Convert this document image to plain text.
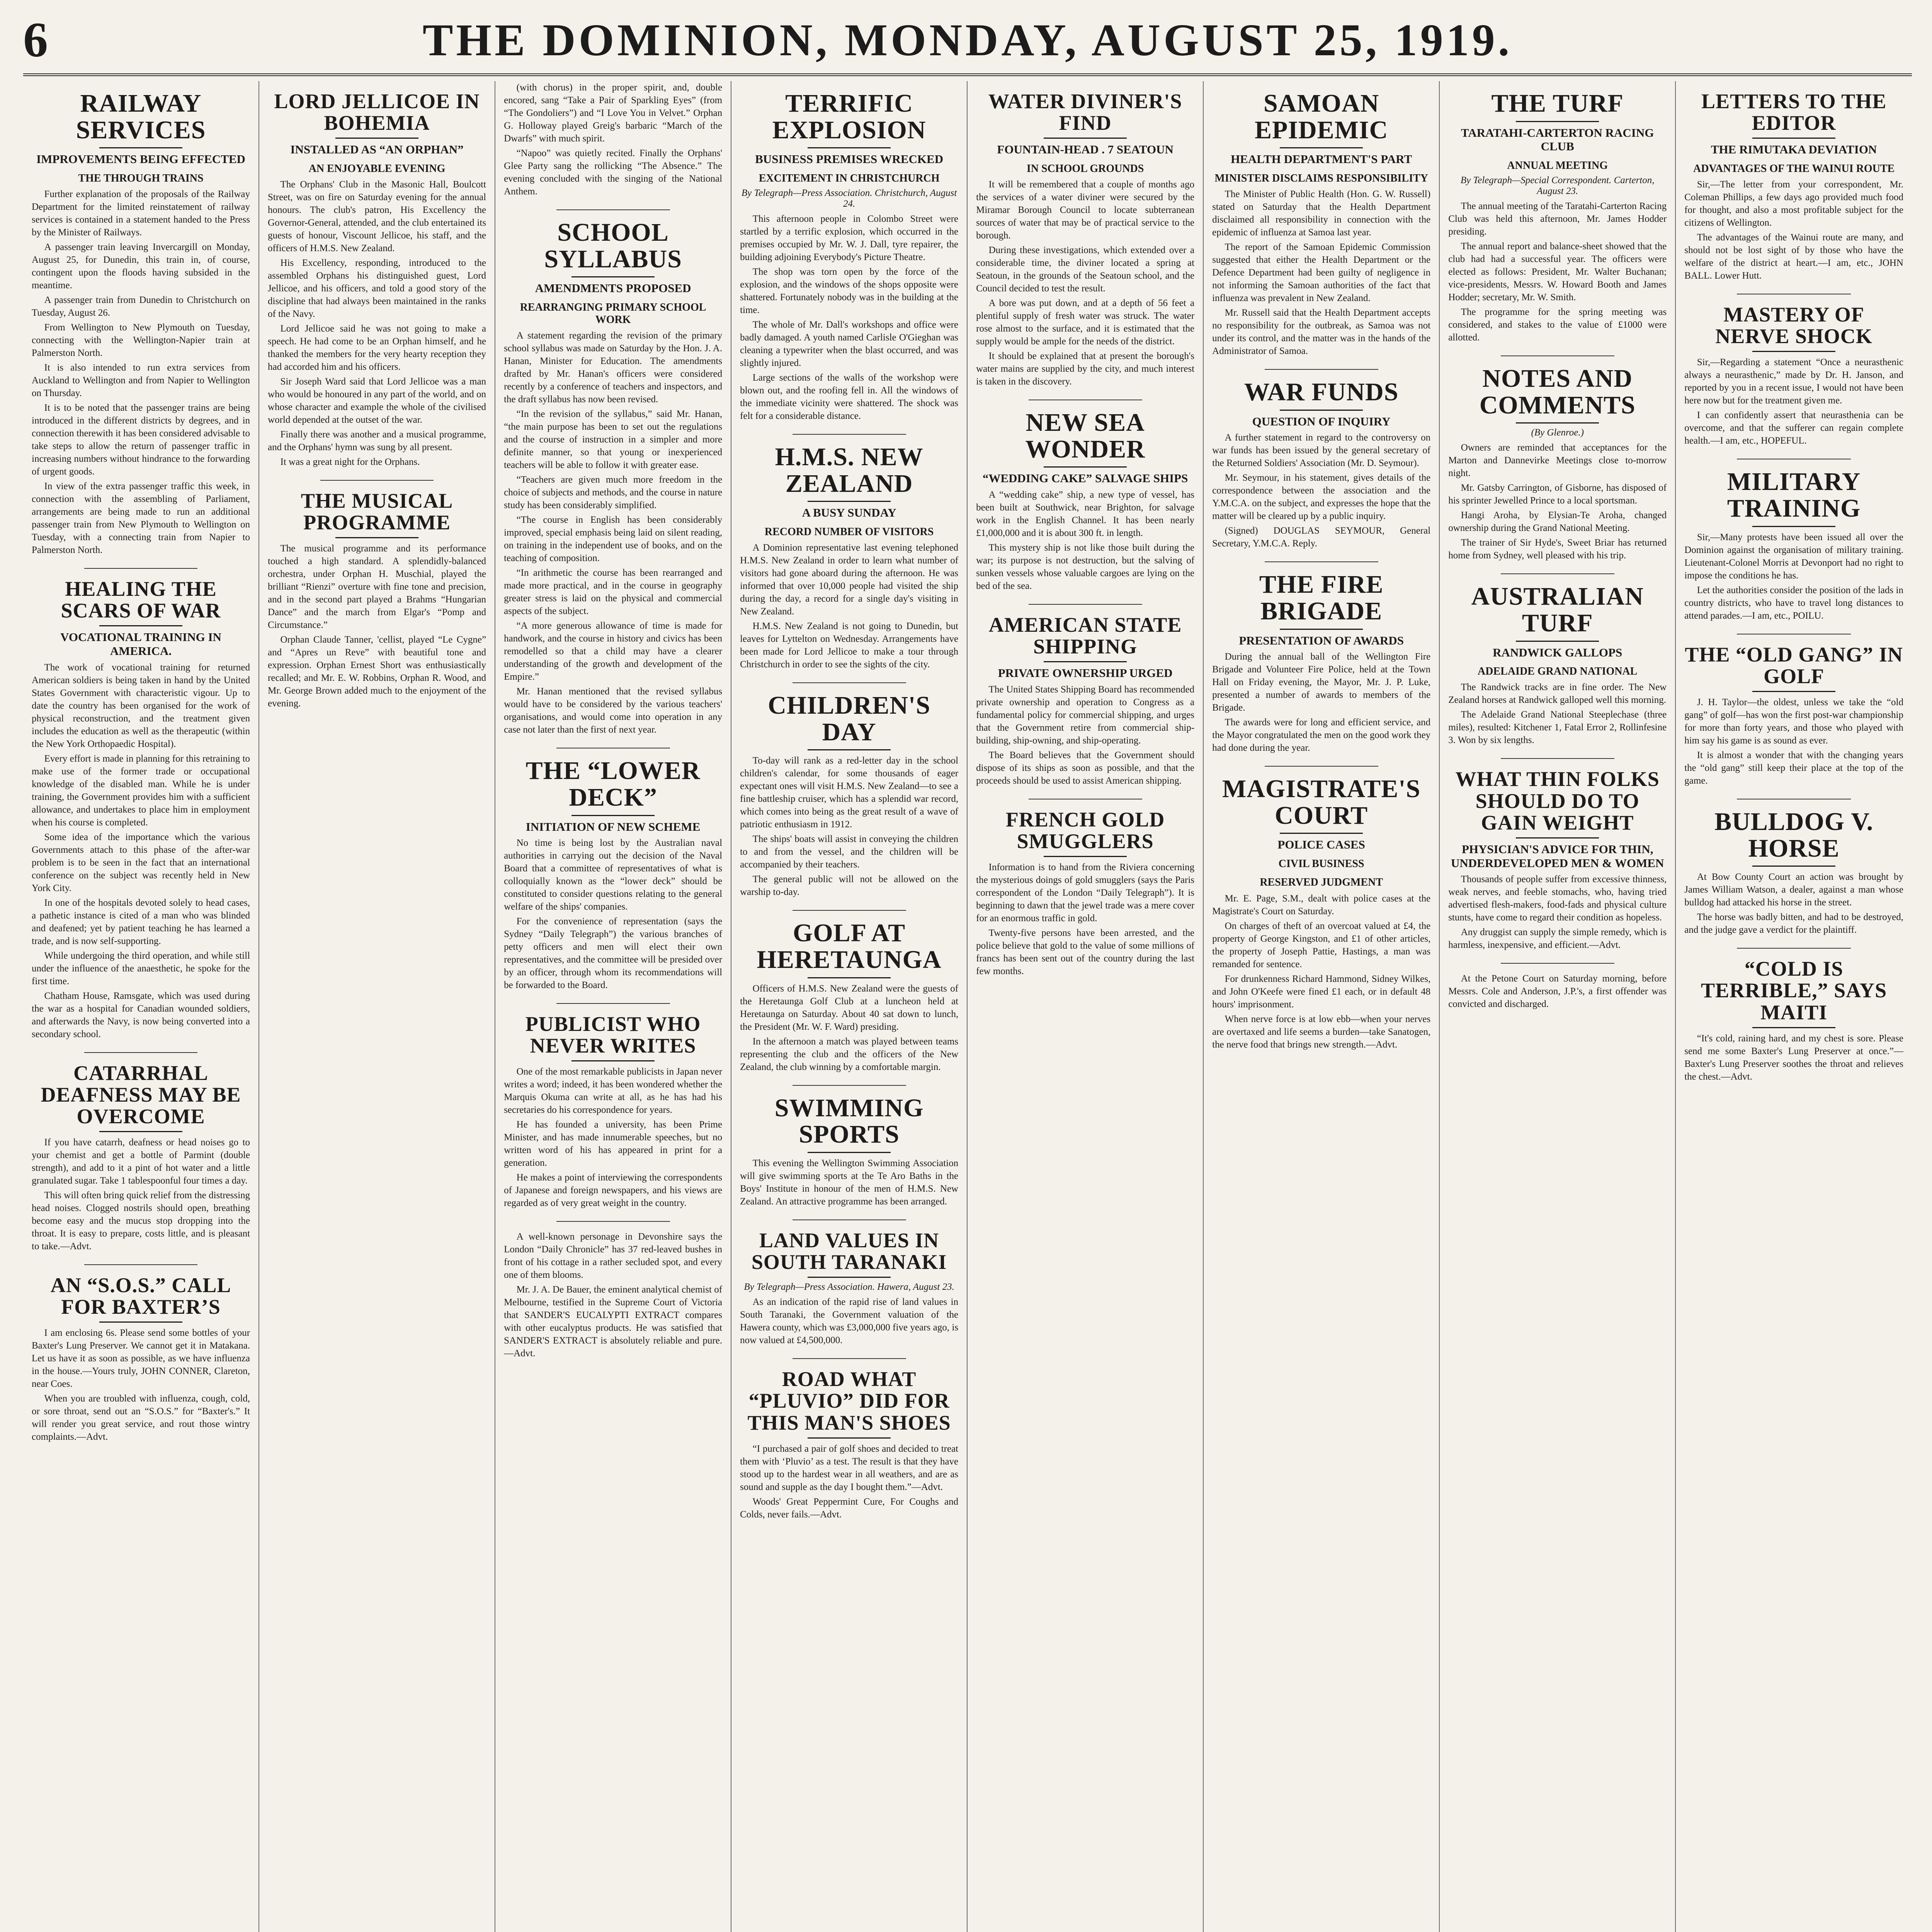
6	THE DOMINION, MONDAY, AUGUST 25, 1919.
RAILWAY SERVICES
IMPROVEMENTS BEING EFFECTED
THE THROUGH TRAINS

Further explanation of the proposals of the Railway Department for the limited reinstatement of railway services is contained in a statement handed to the Press by the Minister of Railways.

A passenger train leaving Invercargill on Monday, August 25, for Dunedin, this train in, of course, contingent upon the floods having subsided in the meantime.

A passenger train from Dunedin to Christchurch on Tuesday, August 26.

From Wellington to New Plymouth on Tuesday, connecting with the Wellington-Napier train at Palmerston North.

It is also intended to run extra services from Auckland to Wellington and from Napier to Wellington on Thursday.

It is to be noted that the passenger trains are being introduced in the different districts by degrees, and in connection therewith it has been considered advisable to take steps to allow the return of passenger traffic in increasing numbers without hindrance to the forwarding of urgent goods.

In view of the extra passenger traffic this week, in connection with the assembling of Parliament, arrangements are being made to run an additional passenger train from New Plymouth to Wellington on Tuesday, with a connecting train from Napier to Palmerston North.

HEALING THE SCARS OF WAR
VOCATIONAL TRAINING IN AMERICA.

The work of vocational training for returned American soldiers is being taken in hand by the United States Government with characteristic vigour. Up to date the country has been organised for the work of physical reconstruction, and the treatment given includes the education as well as the therapeutic (within the New York Orthopaedic Hospital).

Every effort is made in planning for this retraining to make use of the former trade or occupational knowledge of the disabled man. While he is under training, the Government provides him with a sufficient allowance, and undertakes to place him in employment when his course is completed.

Some idea of the importance which the various Governments attach to this phase of the after-war problem is to be seen in the fact that an international conference on the subject was recently held in New York City.

In one of the hospitals devoted solely to head cases, a pathetic instance is cited of a man who was blinded and deafened; yet by patient teaching he has learned a trade, and is now self-supporting.

While undergoing the third operation, and while still under the influence of the anaesthetic, he spoke for the first time.

Chatham House, Ramsgate, which was used during the war as a hospital for Canadian wounded soldiers, and afterwards the Navy, is now being converted into a secondary school.

CATARRHAL DEAFNESS MAY BE OVERCOME

If you have catarrh, deafness or head noises go to your chemist and get a bottle of Parmint (double strength), and add to it a pint of hot water and a little granulated sugar. Take 1 tablespoonful four times a day.

This will often bring quick relief from the distressing head noises. Clogged nostrils should open, breathing become easy and the mucus stop dropping into the throat. It is easy to prepare, costs little, and is pleasant to take.—Advt.

AN “S.O.S.” CALL FOR BAXTER’S

I am enclosing 6s. Please send some bottles of your Baxter's Lung Preserver. We cannot get it in Matakana. Let us have it as soon as possible, as we have influenza in the house.—Yours truly, JOHN CONNER, Clareton, near Coes.

When you are troubled with influenza, cough, cold, or sore throat, send out an “S.O.S.” for “Baxter's.” It will render you great service, and rout those wintry complaints.—Advt.

LORD JELLICOE IN BOHEMIA
INSTALLED AS “AN ORPHAN”
AN ENJOYABLE EVENING

The Orphans' Club in the Masonic Hall, Boulcott Street, was on fire on Saturday evening for the annual honours. The club's patron, His Excellency the Governor-General, attended, and the club entertained its guests of honour, Viscount Jellicoe, his staff, and the officers of H.M.S. New Zealand.

His Excellency, responding, introduced to the assembled Orphans his distinguished guest, Lord Jellicoe, and his officers, and told a good story of the discipline that had always been maintained in the ranks of the Navy.

Lord Jellicoe said he was not going to make a speech. He had come to be an Orphan himself, and he thanked the members for the very hearty reception they had accorded him and his officers.

Sir Joseph Ward said that Lord Jellicoe was a man who would be honoured in any part of the world, and on whose character and example the whole of the civilised world depended at the outset of the war.

Finally there was another and a musical programme, and the Orphans' hymn was sung by all present.

It was a great night for the Orphans.

THE MUSICAL PROGRAMME

The musical programme and its performance touched a high standard. A splendidly-balanced orchestra, under Orphan H. Muschial, played the brilliant “Rienzi” overture with fine tone and precision, and in the second part played a Brahms “Hungarian Dance” and the march from Elgar's “Pomp and Circumstance.”

Orphan Claude Tanner, 'cellist, played “Le Cygne” and “Apres un Reve” with beautiful tone and expression. Orphan Ernest Short was enthusiastically recalled; and Mr. E. W. Robbins, Orphan R. Wood, and Mr. George Brown added much to the enjoyment of the evening.

(with chorus) in the proper spirit, and, double encored, sang “Take a Pair of Sparkling Eyes” (from “The Gondoliers”) and “I Love You in Velvet.” Orphan G. Holloway played Greig's barbaric “March of the Dwarfs” with much spirit.

“Napoo” was quietly recited. Finally the Orphans' Glee Party sang the rollicking “The Absence.” The evening concluded with the singing of the National Anthem.

SCHOOL SYLLABUS
AMENDMENTS PROPOSED
REARRANGING PRIMARY SCHOOL WORK

A statement regarding the revision of the primary school syllabus was made on Saturday by the Hon. J. A. Hanan, Minister for Education. The amendments drafted by Mr. Hanan's officers were considered recently by a conference of teachers and inspectors, and the draft syllabus has now been revised.

“In the revision of the syllabus,” said Mr. Hanan, “the main purpose has been to set out the regulations and the course of instruction in a simpler and more definite manner, so that young or inexperienced teachers will be able to follow it with greater ease.

“Teachers are given much more freedom in the choice of subjects and methods, and the course in nature study has been considerably simplified.

“The course in English has been considerably improved, special emphasis being laid on silent reading, on training in the independent use of books, and on the teaching of composition.

“In arithmetic the course has been rearranged and made more practical, and in the course in geography greater stress is laid on the physical and commercial aspects of the subject.

“A more generous allowance of time is made for handwork, and the course in history and civics has been remodelled so that a child may have a clearer understanding of the growth and development of the Empire.”

Mr. Hanan mentioned that the revised syllabus would have to be considered by the various teachers' organisations, and would come into operation in any case not later than the first of next year.

THE “LOWER DECK”
INITIATION OF NEW SCHEME

No time is being lost by the Australian naval authorities in carrying out the decision of the Naval Board that a committee of representatives of what is colloquially known as the “lower deck” should be constituted to consider questions relating to the general welfare of the ships' companies.

For the convenience of representation (says the Sydney “Daily Telegraph”) the various branches of petty officers and men will elect their own representatives, and the committee will be presided over by an officer, through whom its recommendations will be forwarded to the Board.

PUBLICIST WHO NEVER WRITES

One of the most remarkable publicists in Japan never writes a word; indeed, it has been wondered whether the Marquis Okuma can write at all, as he has had his secretaries do his correspondence for years.

He has founded a university, has been Prime Minister, and has made innumerable speeches, but no written word of his has appeared in print for a generation.

He makes a point of interviewing the correspondents of Japanese and foreign newspapers, and his views are regarded as of very great weight in the country.

A well-known personage in Devonshire says the London “Daily Chronicle” has 37 red-leaved bushes in front of his cottage in a rather secluded spot, and every one of them blooms.

Mr. J. A. De Bauer, the eminent analytical chemist of Melbourne, testified in the Supreme Court of Victoria that SANDER'S EUCALYPTI EXTRACT compares with other eucalyptus products. He was satisfied that SANDER'S EXTRACT is absolutely reliable and pure.—Advt.

TERRIFIC EXPLOSION
BUSINESS PREMISES WRECKED
EXCITEMENT IN CHRISTCHURCH
By Telegraph—Press Association. Christchurch, August 24.

This afternoon people in Colombo Street were startled by a terrific explosion, which occurred in the premises occupied by Mr. W. J. Dall, tyre repairer, the building adjoining Everybody's Picture Theatre.

The shop was torn open by the force of the explosion, and the windows of the shops opposite were shattered. Fortunately nobody was in the building at the time.

The whole of Mr. Dall's workshops and office were badly damaged. A youth named Carlisle O'Gieghan was cleaning a typewriter when the blast occurred, and was slightly injured.

Large sections of the walls of the workshop were blown out, and the roofing fell in. All the windows of the immediate vicinity were shattered. The shock was felt for a considerable distance.

H.M.S. NEW ZEALAND
A BUSY SUNDAY
RECORD NUMBER OF VISITORS

A Dominion representative last evening telephoned H.M.S. New Zealand in order to learn what number of visitors had gone aboard during the afternoon. He was informed that over 10,000 people had visited the ship during the day, a record for a single day's visiting in New Zealand.

H.M.S. New Zealand is not going to Dunedin, but leaves for Lyttelton on Wednesday. Arrangements have been made for Lord Jellicoe to make a tour through Christchurch in order to see the sights of the city.

CHILDREN'S DAY

To-day will rank as a red-letter day in the school children's calendar, for some thousands of eager expectant ones will visit H.M.S. New Zealand—to see a fine battleship cruiser, which has a splendid war record, which comes into being as the great result of a wave of patriotic enthusiasm in 1912.

The ships' boats will assist in conveying the children to and from the vessel, and the children will be accompanied by their teachers.

The general public will not be allowed on the warship to-day.

GOLF AT HERETAUNGA

Officers of H.M.S. New Zealand were the guests of the Heretaunga Golf Club at a luncheon held at Heretaunga on Saturday. About 40 sat down to lunch, the President (Mr. W. F. Ward) presiding.

In the afternoon a match was played between teams representing the club and the officers of the New Zealand, the club winning by a comfortable margin.

SWIMMING SPORTS

This evening the Wellington Swimming Association will give swimming sports at the Te Aro Baths in the Boys' Institute in honour of the men of H.M.S. New Zealand. An attractive programme has been arranged.

LAND VALUES IN SOUTH TARANAKI
By Telegraph—Press Association. Hawera, August 23.

As an indication of the rapid rise of land values in South Taranaki, the Government valuation of the Hawera county, which was £3,000,000 five years ago, is now valued at £4,500,000.

ROAD WHAT “PLUVIO” DID FOR THIS MAN'S SHOES

“I purchased a pair of golf shoes and decided to treat them with ‘Pluvio’ as a test. The result is that they have stood up to the hardest wear in all weathers, and are as sound and supple as the day I bought them.”—Advt.

Woods' Great Peppermint Cure, For Coughs and Colds, never fails.—Advt.

WATER DIVINER'S FIND
FOUNTAIN-HEAD . 7 SEATOUN
IN SCHOOL GROUNDS

It will be remembered that a couple of months ago the services of a water diviner were secured by the Miramar Borough Council to locate subterranean sources of water that may be of practical service to the borough.

During these investigations, which extended over a considerable time, the diviner located a spring at Seatoun, in the grounds of the Seatoun school, and the Council decided to test the result.

A bore was put down, and at a depth of 56 feet a plentiful supply of fresh water was struck. The water rose almost to the surface, and it is estimated that the supply would be ample for the needs of the district.

It should be explained that at present the borough's water mains are supplied by the city, and much interest is taken in the discovery.

NEW SEA WONDER
“WEDDING CAKE” SALVAGE SHIPS

A “wedding cake” ship, a new type of vessel, has been built at Southwick, near Brighton, for salvage work in the English Channel. It has been nearly £1,000,000 and it is about 300 ft. in length.

This mystery ship is not like those built during the war; its purpose is not destruction, but the salving of sunken vessels whose valuable cargoes are lying on the bed of the sea.

AMERICAN STATE SHIPPING
PRIVATE OWNERSHIP URGED

The United States Shipping Board has recommended private ownership and operation to Congress as a fundamental policy for commercial shipping, and urges that the Government retire from commercial ship-building, ship-owning, and ship-operating.

The Board believes that the Government should dispose of its ships as soon as possible, and that the proceeds should be used to assist American shipping.

FRENCH GOLD SMUGGLERS

Information is to hand from the Riviera concerning the mysterious doings of gold smugglers (says the Paris correspondent of the London “Daily Telegraph”). It is beginning to dawn that the jewel trade was a mere cover for an enormous traffic in gold.

Twenty-five persons have been arrested, and the police believe that gold to the value of some millions of francs has been sent out of the country during the last few months.

SAMOAN EPIDEMIC
HEALTH DEPARTMENT'S PART
MINISTER DISCLAIMS RESPONSIBILITY

The Minister of Public Health (Hon. G. W. Russell) stated on Saturday that the Health Department disclaimed all responsibility in connection with the epidemic of influenza at Samoa last year.

The report of the Samoan Epidemic Commission suggested that either the Health Department or the Defence Department had been guilty of negligence in not informing the Samoan authorities of the fact that influenza was prevalent in New Zealand.

Mr. Russell said that the Health Department accepts no responsibility for the outbreak, as Samoa was not under its control, and the matter was in the hands of the Administrator of Samoa.

WAR FUNDS
QUESTION OF INQUIRY

A further statement in regard to the controversy on war funds has been issued by the general secretary of the Returned Soldiers' Association (Mr. D. Seymour).

Mr. Seymour, in his statement, gives details of the correspondence between the association and the Y.M.C.A. on the subject, and expresses the hope that the matter will be cleared up by a public inquiry.

(Signed) DOUGLAS SEYMOUR, General Secretary, Y.M.C.A. Reply.

THE FIRE BRIGADE
PRESENTATION OF AWARDS

During the annual ball of the Wellington Fire Brigade and Volunteer Fire Police, held at the Town Hall on Friday evening, the Mayor, Mr. J. P. Luke, presented a number of awards to members of the Brigade.

The awards were for long and efficient service, and the Mayor congratulated the men on the good work they had done during the year.

MAGISTRATE'S COURT
POLICE CASES
CIVIL BUSINESS
RESERVED JUDGMENT

Mr. E. Page, S.M., dealt with police cases at the Magistrate's Court on Saturday.

On charges of theft of an overcoat valued at £4, the property of George Kingston, and £1 of other articles, the property of Joseph Pattie, Hastings, a man was remanded for sentence.

For drunkenness Richard Hammond, Sidney Wilkes, and John O'Keefe were fined £1 each, or in default 48 hours' imprisonment.

When nerve force is at low ebb—when your nerves are overtaxed and life seems a burden—take Sanatogen, the nerve food that brings new strength.—Advt.

THE TURF
TARATAHI-CARTERTON RACING CLUB
ANNUAL MEETING
By Telegraph—Special Correspondent. Carterton, August 23.

The annual meeting of the Taratahi-Carterton Racing Club was held this afternoon, Mr. James Hodder presiding.

The annual report and balance-sheet showed that the club had had a successful year. The officers were elected as follows: President, Mr. Walter Buchanan; vice-presidents, Messrs. W. Howard Booth and James Hodder; secretary, Mr. W. Smith.

The programme for the spring meeting was considered, and stakes to the value of £1000 were allotted.

NOTES AND COMMENTS
(By Glenroe.)

Owners are reminded that acceptances for the Marton and Dannevirke Meetings close to-morrow night.

Mr. Gatsby Carrington, of Gisborne, has disposed of his sprinter Jewelled Prince to a local sportsman.

Hangi Aroha, by Elysian-Te Aroha, changed ownership during the Grand National Meeting.

The trainer of Sir Hyde's, Sweet Briar has returned home from Sydney, well pleased with his trip.

AUSTRALIAN TURF
RANDWICK GALLOPS
ADELAIDE GRAND NATIONAL

The Randwick tracks are in fine order. The New Zealand horses at Randwick galloped well this morning.

The Adelaide Grand National Steeplechase (three miles), resulted: Kitchener 1, Fatal Error 2, Rollinfesine 3. Won by six lengths.

WHAT THIN FOLKS SHOULD DO TO GAIN WEIGHT
PHYSICIAN'S ADVICE FOR THIN, UNDERDEVELOPED MEN & WOMEN

Thousands of people suffer from excessive thinness, weak nerves, and feeble stomachs, who, having tried advertised flesh-makers, food-fads and physical culture stunts, have come to regard their condition as hopeless.

Any druggist can supply the simple remedy, which is harmless, inexpensive, and efficient.—Advt.

At the Petone Court on Saturday morning, before Messrs. Cole and Anderson, J.P.'s, a first offender was convicted and discharged.

LETTERS TO THE EDITOR
THE RIMUTAKA DEVIATION
ADVANTAGES OF THE WAINUI ROUTE

Sir,—The letter from your correspondent, Mr. Coleman Phillips, a few days ago provided much food for thought, and also a most profitable subject for the citizens of Wellington.

The advantages of the Wainui route are many, and should not be lost sight of by those who have the welfare of the district at heart.—I am, etc., JOHN BALL. Lower Hutt.

MASTERY OF NERVE SHOCK

Sir,—Regarding a statement “Once a neurasthenic always a neurasthenic,” made by Dr. H. Janson, and reported by you in a recent issue, I would not have been here now but for the treatment given me.

I can confidently assert that neurasthenia can be overcome, and that the sufferer can regain complete health.—I am, etc., HOPEFUL.

MILITARY TRAINING

Sir,—Many protests have been issued all over the Dominion against the organisation of military training. Lieutenant-Colonel Morris at Devonport had no right to impose the conditions he has.

Let the authorities consider the position of the lads in country districts, who have to travel long distances to attend parades.—I am, etc., POILU.

THE “OLD GANG” IN GOLF

J. H. Taylor—the oldest, unless we take the “old gang” of golf—has won the first post-war championship for more than forty years, and those who played with him say his game is as sound as ever.

It is almost a wonder that with the changing years the “old gang” still keep their place at the top of the game.

BULLDOG V. HORSE

At Bow County Court an action was brought by James William Watson, a dealer, against a man whose bulldog had attacked his horse in the street.

The horse was badly bitten, and had to be destroyed, and the judge gave a verdict for the plaintiff.

“COLD IS TERRIBLE,” SAYS MAITI

“It's cold, raining hard, and my chest is sore. Please send me some Baxter's Lung Preserver at once.”—Baxter's Lung Preserver soothes the throat and relieves the chest.—Advt.
